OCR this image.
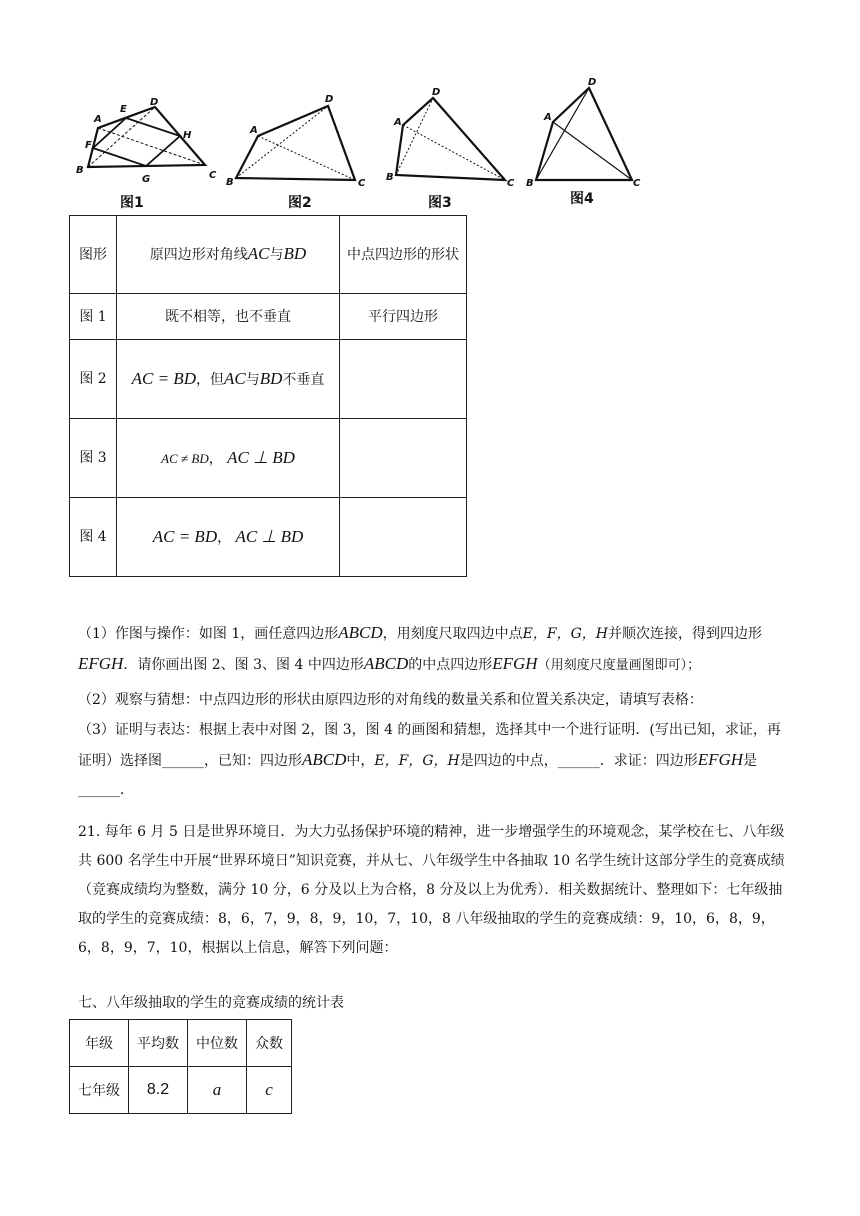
B
A
E
D
F
H
G	C
B
A
D
C
B
A
D
C B
A
D
C
图1	图2	图3	图4
图形	原四边形对角线AC与BD	中点四边形的形状
图 1	既不相等，也不垂直	平行四边形
图 2	AC = BD，但AC与BD不垂直	
图 3	AC ≠ BD， AC ⊥ BD	
图 4	AC = BD， AC ⊥ BD	

（1）作图与操作：如图 1，画任意四边形ABCD，用刻度尺取四边中点E，F，G，H并顺次连接，得到四边形EFGH．请你画出图 2、图 3、图 4 中四边形ABCD的中点四边形EFGH（用刻度尺度量画图即可）；

（2）观察与猜想：中点四边形的形状由原四边形的对角线的数量关系和位置关系决定，请填写表格：

（3）证明与表达：根据上表中对图 2，图 3，图 4 的画图和猜想，选择其中一个进行证明．(写出已知，求证，再证明）选择图______，已知：四边形ABCD中，E，F，G，H是四边的中点，______．求证：四边形EFGH是______．

21. 每年 6 月 5 日是世界环境日．为大力弘扬保护环境的精神，进一步增强学生的环境观念，某学校在七、八年级共 600 名学生中开展“世界环境日”知识竞赛，并从七、八年级学生中各抽取 10 名学生统计这部分学生的竞赛成绩（竞赛成绩均为整数，满分 10 分，6 分及以上为合格，8 分及以上为优秀）．相关数据统计、整理如下：七年级抽取的学生的竞赛成绩：8，6，7，9，8，9，10，7，10，8 八年级抽取的学生的竞赛成绩：9，10，6，8，9，6，8，9，7，10，根据以上信息，解答下列问题：

七、八年级抽取的学生的竞赛成绩的统计表

年级	平均数	中位数	众数
七年级	8.2	a	c
